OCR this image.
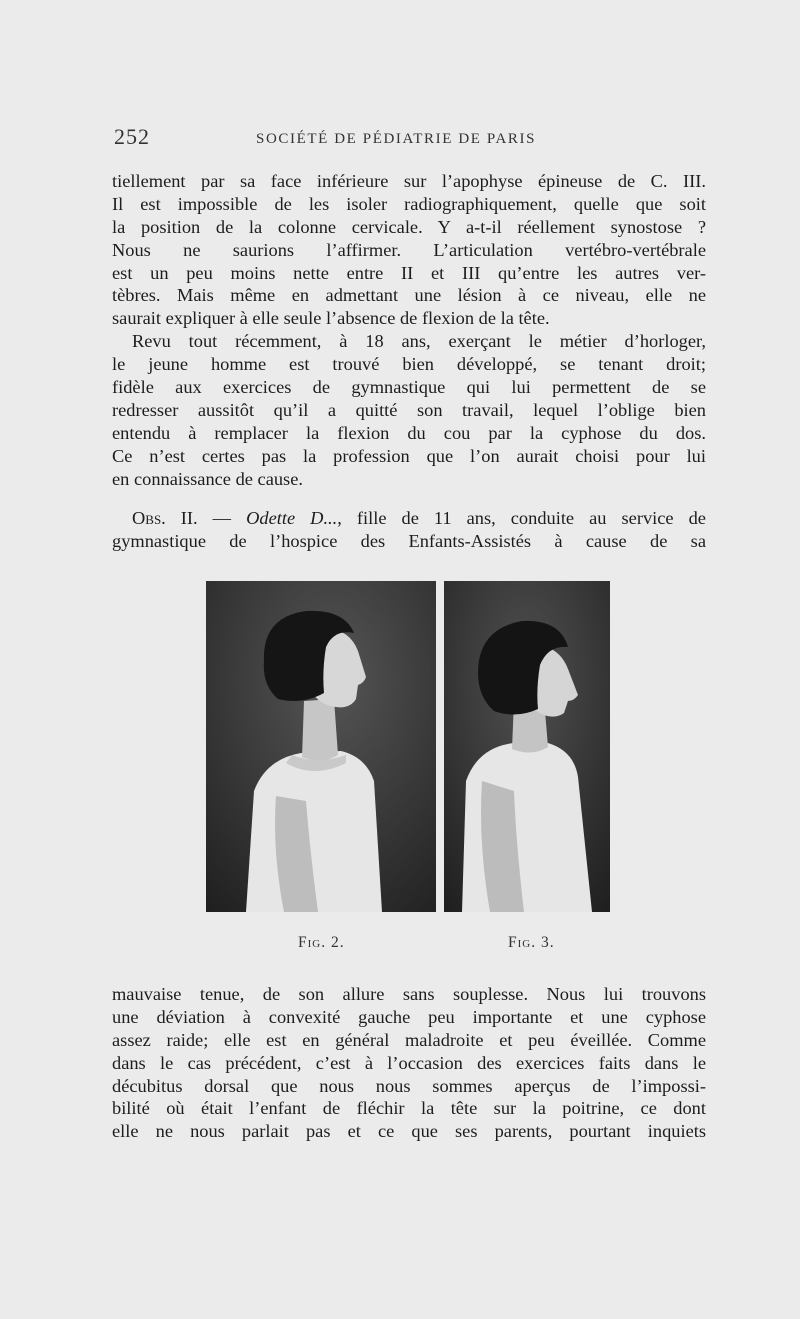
252	SOCIÉTÉ DE PÉDIATRIE DE PARIS
tiellement par sa face inférieure sur l’apophyse épineuse de C. III.
Il est impossible de les isoler radiographiquement, quelle que soit
la position de la colonne cervicale. Y a-t-il réellement synostose ?
Nous ne saurions l’affirmer. L’articulation vertébro-vertébrale
est un peu moins nette entre II et III qu’entre les autres ver-
tèbres. Mais même en admettant une lésion à ce niveau, elle ne
saurait expliquer à elle seule l’absence de flexion de la tête.
Revu tout récemment, à 18 ans, exerçant le métier d’horloger,
le jeune homme est trouvé bien développé, se tenant droit;
fidèle aux exercices de gymnastique qui lui permettent de se
redresser aussitôt qu’il a quitté son travail, lequel l’oblige bien
entendu à remplacer la flexion du cou par la cyphose du dos.
Ce n’est certes pas la profession que l’on aurait choisi pour lui
en connaissance de cause.
Obs. II. — Odette D..., fille de 11 ans, conduite au service de
gymnastique de l’hospice des Enfants-Assistés à cause de sa
Fig. 2.	Fig. 3.
mauvaise tenue, de son allure sans souplesse. Nous lui trouvons
une déviation à convexité gauche peu importante et une cyphose
assez raide; elle est en général maladroite et peu éveillée. Comme
dans le cas précédent, c’est à l’occasion des exercices faits dans le
décubitus dorsal que nous nous sommes aperçus de l’impossi-
bilité où était l’enfant de fléchir la tête sur la poitrine, ce dont
elle ne nous parlait pas et ce que ses parents, pourtant inquiets
